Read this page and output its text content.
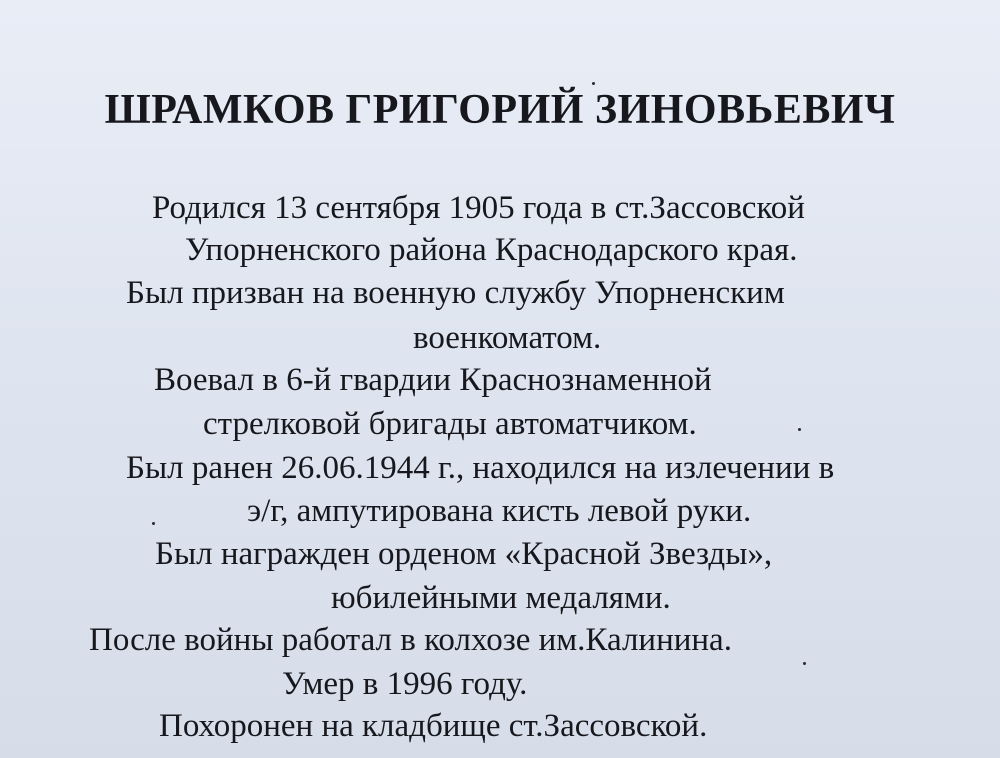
ШРАМКОВ ГРИГОРИЙ ЗИНОВЬЕВИЧ
Родился 13 сентября 1905 года в ст.Зассовской
Упорненского района Краснодарского края.
Был призван на военную службу Упорненским
военкоматом.
Воевал в 6-й гвардии Краснознаменной
стрелковой бригады автоматчиком.
Был ранен 26.06.1944 г., находился на излечении в
э/г, ампутирована кисть левой руки.
Был награжден орденом «Красной Звезды»,
юбилейными медалями.
После войны работал в колхозе им.Калинина.
Умер в 1996 году.
Похоронен на кладбище ст.Зассовской.
